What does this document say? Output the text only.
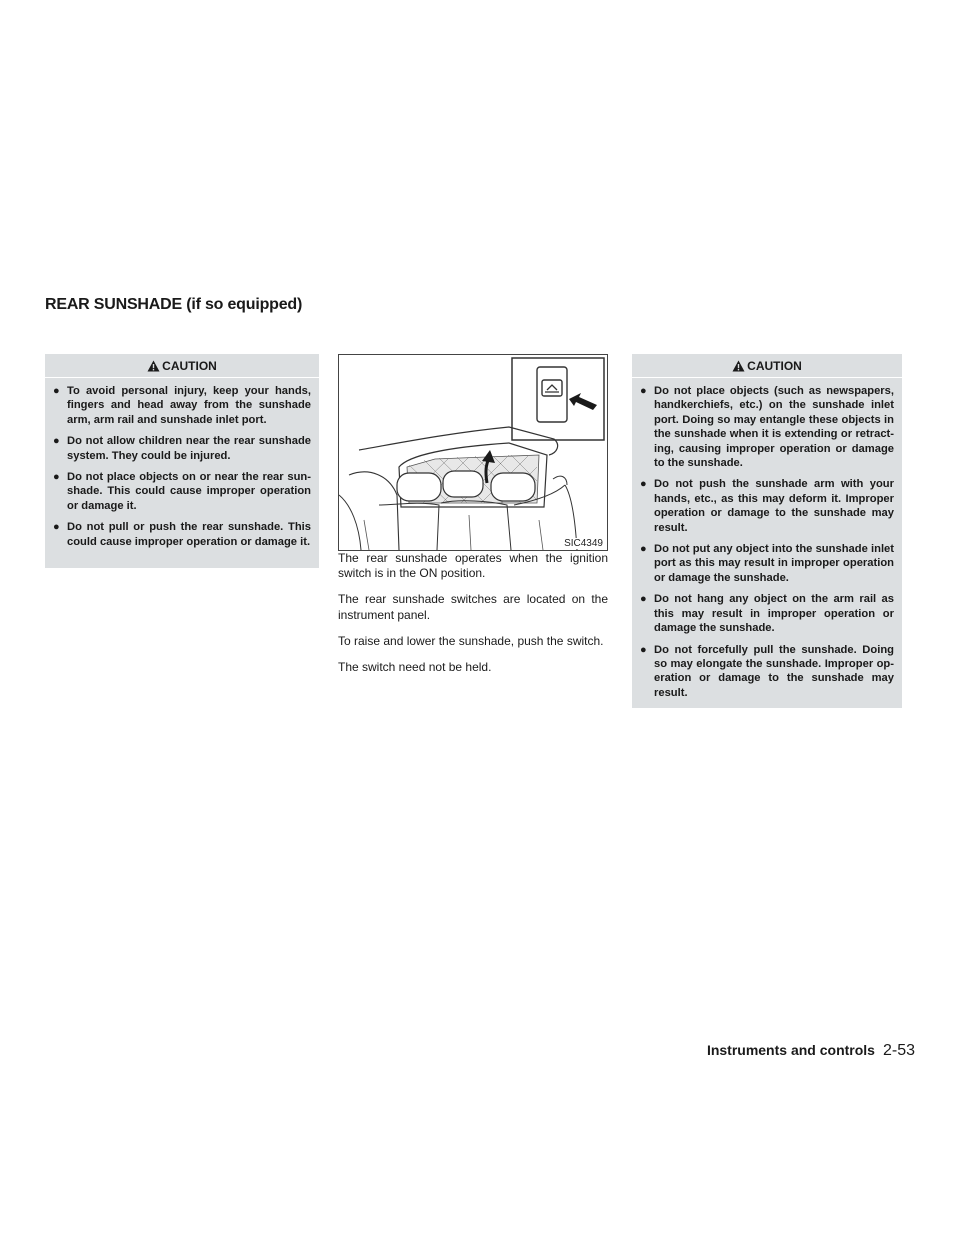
REAR SUNSHADE (if so equipped)
CAUTION
● To avoid personal injury, keep your hands, fingers and head away from the sunshade arm, arm rail and sunshade inlet port.
● Do not allow children near the rear sunshade system. They could be injured.
● Do not place objects on or near the rear sun-shade. This could cause improper operation or damage it.
● Do not pull or push the rear sunshade. This could cause improper operation or damage it.	SIC4349

The rear sunshade operates when the ignition switch is in the ON position.

The rear sunshade switches are located on the instrument panel.

To raise and lower the sunshade, push the switch.

The switch need not be held.

CAUTION
● Do not place objects (such as newspapers, handkerchiefs, etc.) on the sunshade inlet port. Doing so may entangle these objects in the sunshade when it is extending or retract-ing, causing improper operation or damage to the sunshade.
● Do not push the sunshade arm with your hands, etc., as this may deform it. Improper operation or damage to the sunshade may result.
● Do not put any object into the sunshade inlet port as this may result in improper operation or damage the sunshade.
● Do not hang any object on the arm rail as this may result in improper operation or damage the sunshade.
● Do not forcefully pull the sunshade. Doing so may elongate the sunshade. Improper op-eration or damage to the sunshade may result.
Instruments and controls 2-53
